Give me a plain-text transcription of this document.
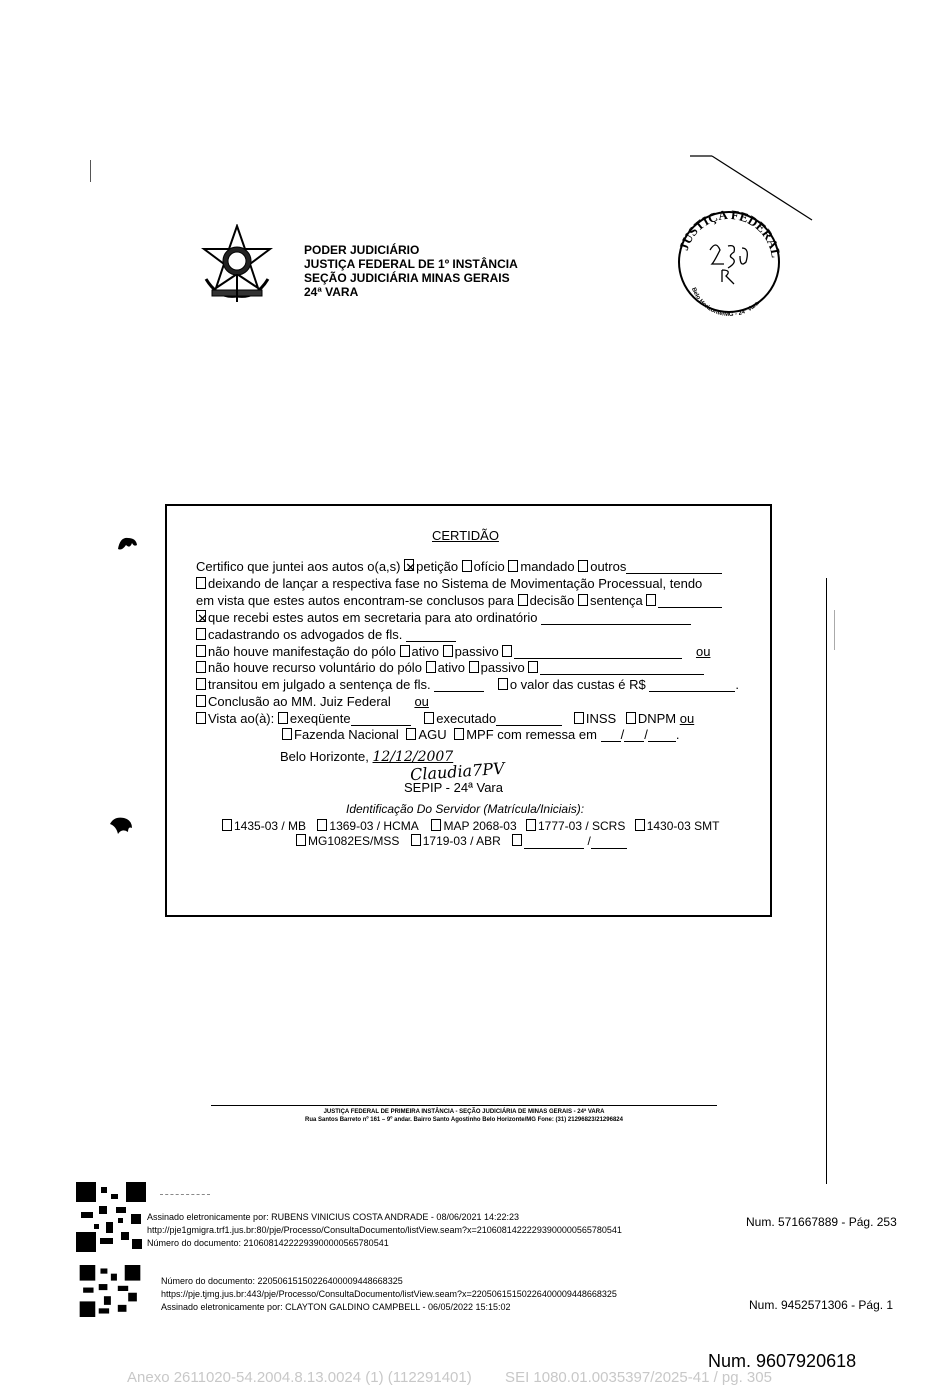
PODER JUDICIÁRIO
JUSTIÇA FEDERAL DE 1º INSTÂNCIA
SEÇÃO JUDICIÁRIA MINAS GERAIS
24ª VARA
JUSTIÇA FEDERAL
Belo Horizonte/MG - 24ª Vara
CERTIDÃO
Certifico que juntei aos autos o(a,s) ✕petição ofício mandado outros
deixando de lançar a respectiva fase no Sistema de Movimentação Processual, tendo
em vista que estes autos encontram-se conclusos para decisão sentença
✕que recebi estes autos em secretaria para ato ordinatório
cadastrando os advogados de fls.
não houve manifestação do pólo ativo passivo	ou
não houve recurso voluntário do pólo ativo passivo
transitou em julgado a sentença de fls.	o valor das custas é R$	.
Conclusão ao MM. Juiz Federal ou
Vista ao(à): exeqüente	executado	INSS DNPM ou
Fazenda Nacional AGU MPF com remessa em / / .
Belo Horizonte, 12/12/2007
Claudia7PV
SEPIP - 24ª Vara
Identificação Do Servidor (Matrícula/Iniciais):
1435-03 / MB 1369-03 / HCMA MAP 2068-03 1777-03 / SCRS 1430-03 SMT
MG1082ES/MSS 1719-03 / ABR	/
JUSTIÇA FEDERAL DE PRIMEIRA INSTÂNCIA - SEÇÃO JUDICIÁRIA DE MINAS GERAIS - 24ª VARA
Rua Santos Barreto nº 161 – 9º andar. Bairro Santo Agostinho Belo Horizonte/MG Fone: (31) 21296823/21296824
Assinado eletronicamente por: RUBENS VINICIUS COSTA ANDRADE - 08/06/2021 14:22:23
http://pje1gmigra.trf1.jus.br:80/pje/Processo/ConsultaDocumento/listView.seam?x=21060814222293900000565780541
Número do documento: 21060814222293900000565780541
Num. 571667889 - Pág. 253
Número do documento: 22050615150226400009448668325
https://pje.tjmg.jus.br:443/pje/Processo/ConsultaDocumento/listView.seam?x=22050615150226400009448668325
Assinado eletronicamente por: CLAYTON GALDINO CAMPBELL - 06/05/2022 15:15:02	Num. 9452571306 - Pág. 1
Num. 9607920618
Anexo 2611020-54.2004.8.13.0024 (1) (112291401)        SEI 1080.01.0035397/2025-41 / pg. 305
